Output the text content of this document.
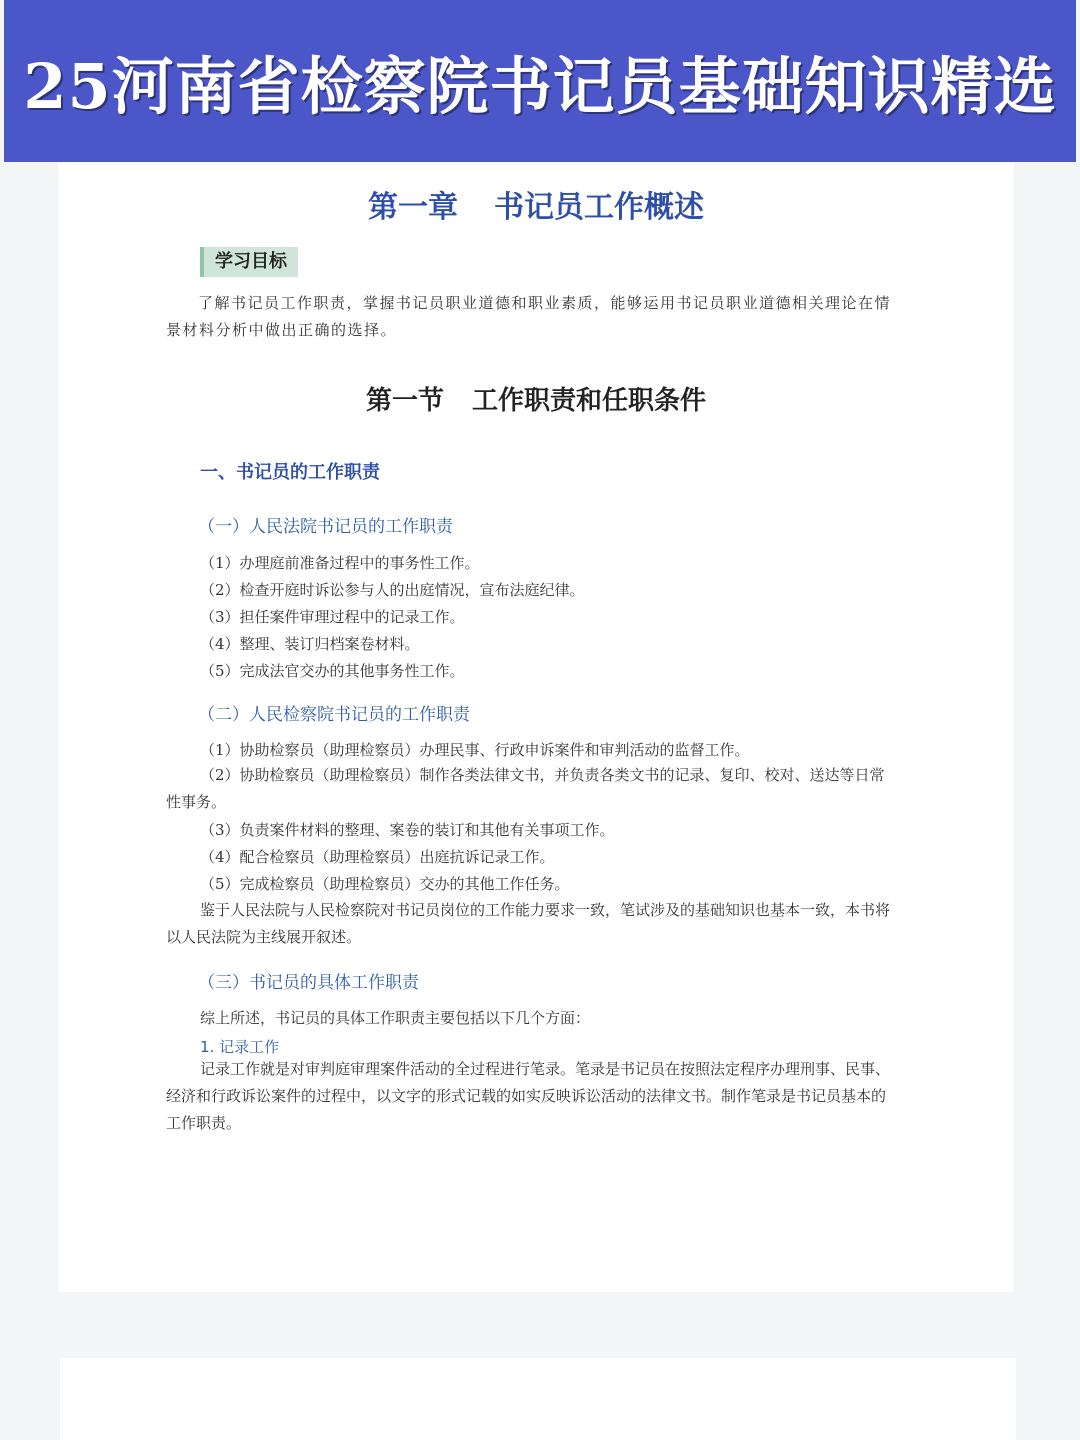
25河南省检察院书记员基础知识精选
第一章 书记员工作概述
学习目标
了解书记员工作职责，掌握书记员职业道德和职业素质，能够运用书记员职业道德相关理论在情景材料分析中做出正确的选择。
第一节 工作职责和任职条件
一、书记员的工作职责
（一）人民法院书记员的工作职责
（1）办理庭前准备过程中的事务性工作。
（2）检查开庭时诉讼参与人的出庭情况，宣布法庭纪律。
（3）担任案件审理过程中的记录工作。
（4）整理、装订归档案卷材料。
（5）完成法官交办的其他事务性工作。
（二）人民检察院书记员的工作职责
（1）协助检察员（助理检察员）办理民事、行政申诉案件和审判活动的监督工作。
（2）协助检察员（助理检察员）制作各类法律文书，并负责各类文书的记录、复印、校对、送达等日常性事务。
（3）负责案件材料的整理、案卷的装订和其他有关事项工作。
（4）配合检察员（助理检察员）出庭抗诉记录工作。
（5）完成检察员（助理检察员）交办的其他工作任务。
鉴于人民法院与人民检察院对书记员岗位的工作能力要求一致，笔试涉及的基础知识也基本一致，本书将以人民法院为主线展开叙述。
（三）书记员的具体工作职责
综上所述，书记员的具体工作职责主要包括以下几个方面：
1. 记录工作
记录工作就是对审判庭审理案件活动的全过程进行笔录。笔录是书记员在按照法定程序办理刑事、民事、经济和行政诉讼案件的过程中，以文字的形式记载的如实反映诉讼活动的法律文书。制作笔录是书记员基本的工作职责。
